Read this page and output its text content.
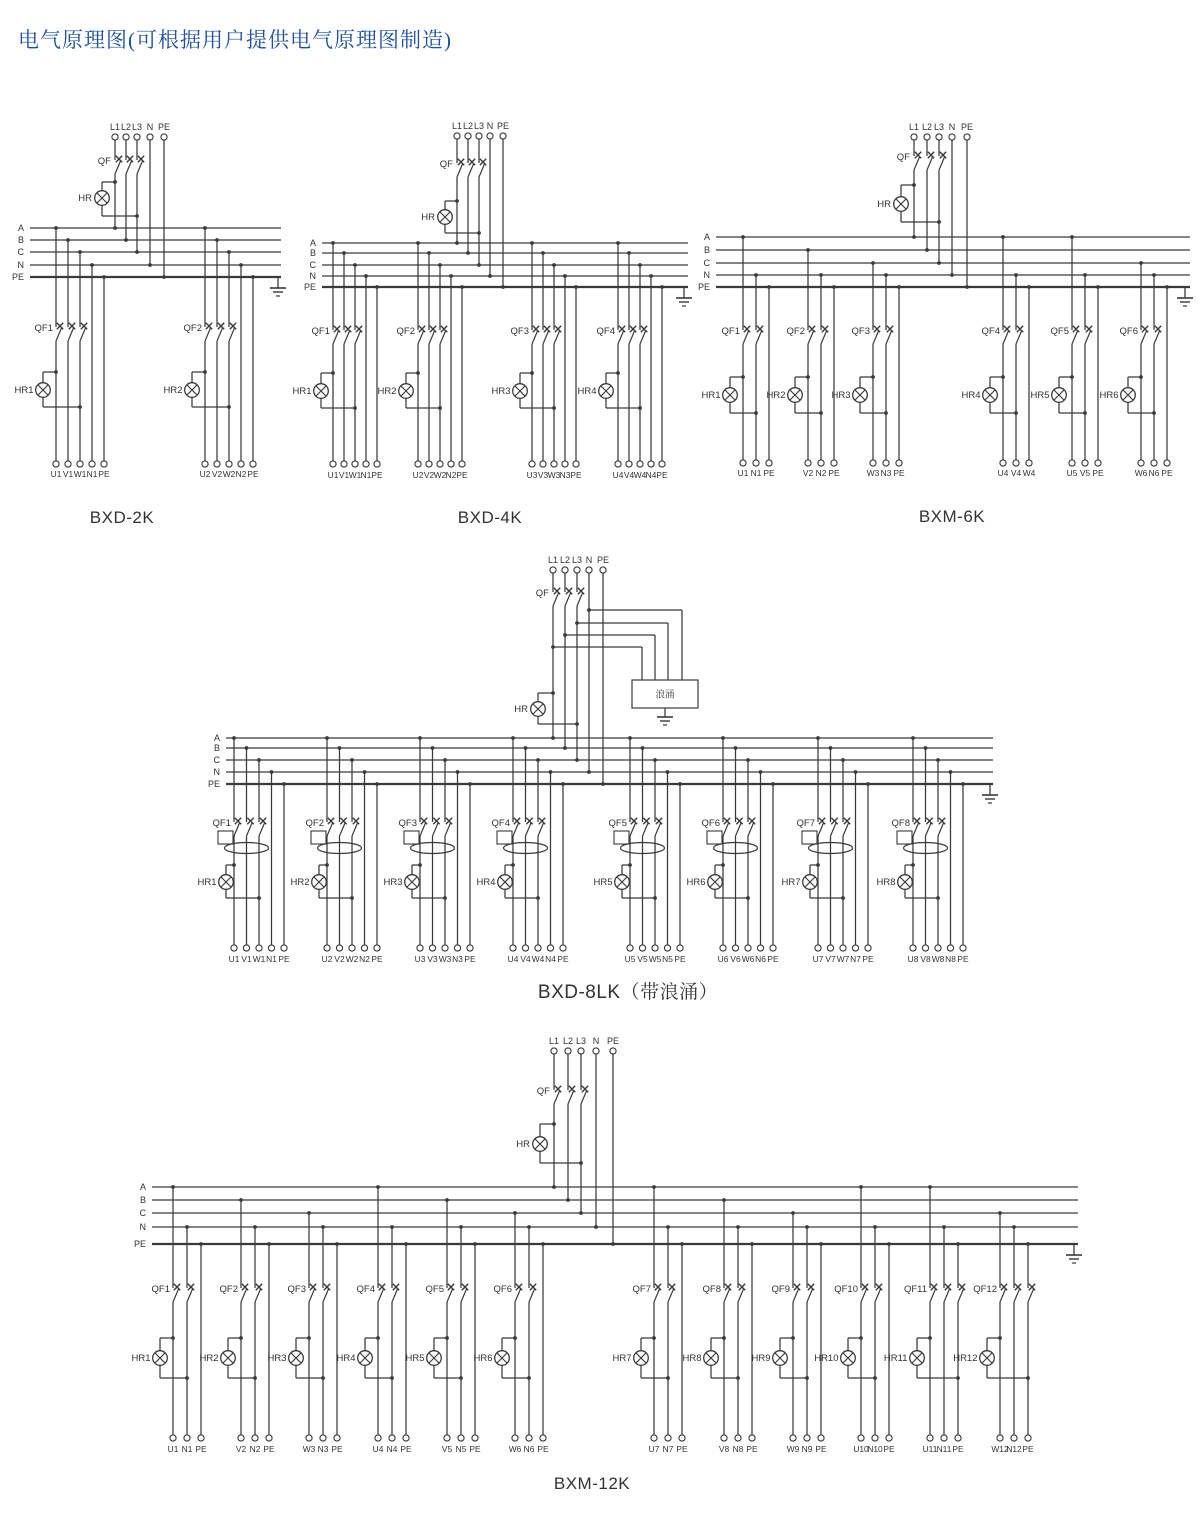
电气原理图(可根据用户提供电气原理图制造)
A
B
C
N
PE
L1 L2 L3 N PE
QF
HR
U1 V1 W1 N1 PE
QF1
HR1
U2 V2 W2 N2 PE
QF2
HR2
BXD-2K
A
B
C
N
PE
L1 L2 L3 N PE
QF
HR
U1 V1 W1 N1 PE
QF1
HR1
U2 V2 W2 N2 PE
QF2
HR2
U3 V3 W3 N3 PE
QF3
HR3
U4 V4 W4 N4 PE
QF4
HR4
BXD-4K
A
B
C
N
PE
L1 L2 L3 N PE
QF
HR
U1 N1 PE
QF1
HR1
V2 N2 PE
QF2
HR2
W3 N3 PE
QF3
HR3
U4 V4 W4
QF4
HR4
U5 V5 PE
QF5
HR5
W6 N6 PE
QF6
HR6
BXM-6K
A
B
C
N
PE
L1 L2 L3 N PE
QF
HR
浪涌
U1 V1 W1 N1 PE
QF1
HR1
U2 V2 W2 N2 PE
QF2
HR2
U3 V3 W3 N3 PE
QF3
HR3
U4 V4 W4 N4 PE
QF4
HR4
U5 V5 W5 N5 PE
QF5
HR5
U6 V6 W6 N6 PE
QF6
HR6
U7 V7 W7 N7 PE
QF7
HR7
U8 V8 W8 N8 PE
QF8
HR8
BXD-8LK（带浪涌）
A
B
C
N
PE
L1 L2 L3 N PE
QF
HR
U1 N1 PE
QF1
HR1
V2 N2 PE
QF2
HR2
W3 N3 PE
QF3
HR3
U4 N4 PE
QF4
HR4
V5 N5 PE
QF5
HR5
W6 N6 PE
QF6
HR6
U7 N7 PE
QF7
HR7
V8 N8 PE
QF8
HR8
W9 N9 PE
QF9
HR9
U10
N10 PE
QF10
HR10
U11 N11 PE
QF11
HR11
W12
N12 PE
QF12
HR12
BXM-12K
